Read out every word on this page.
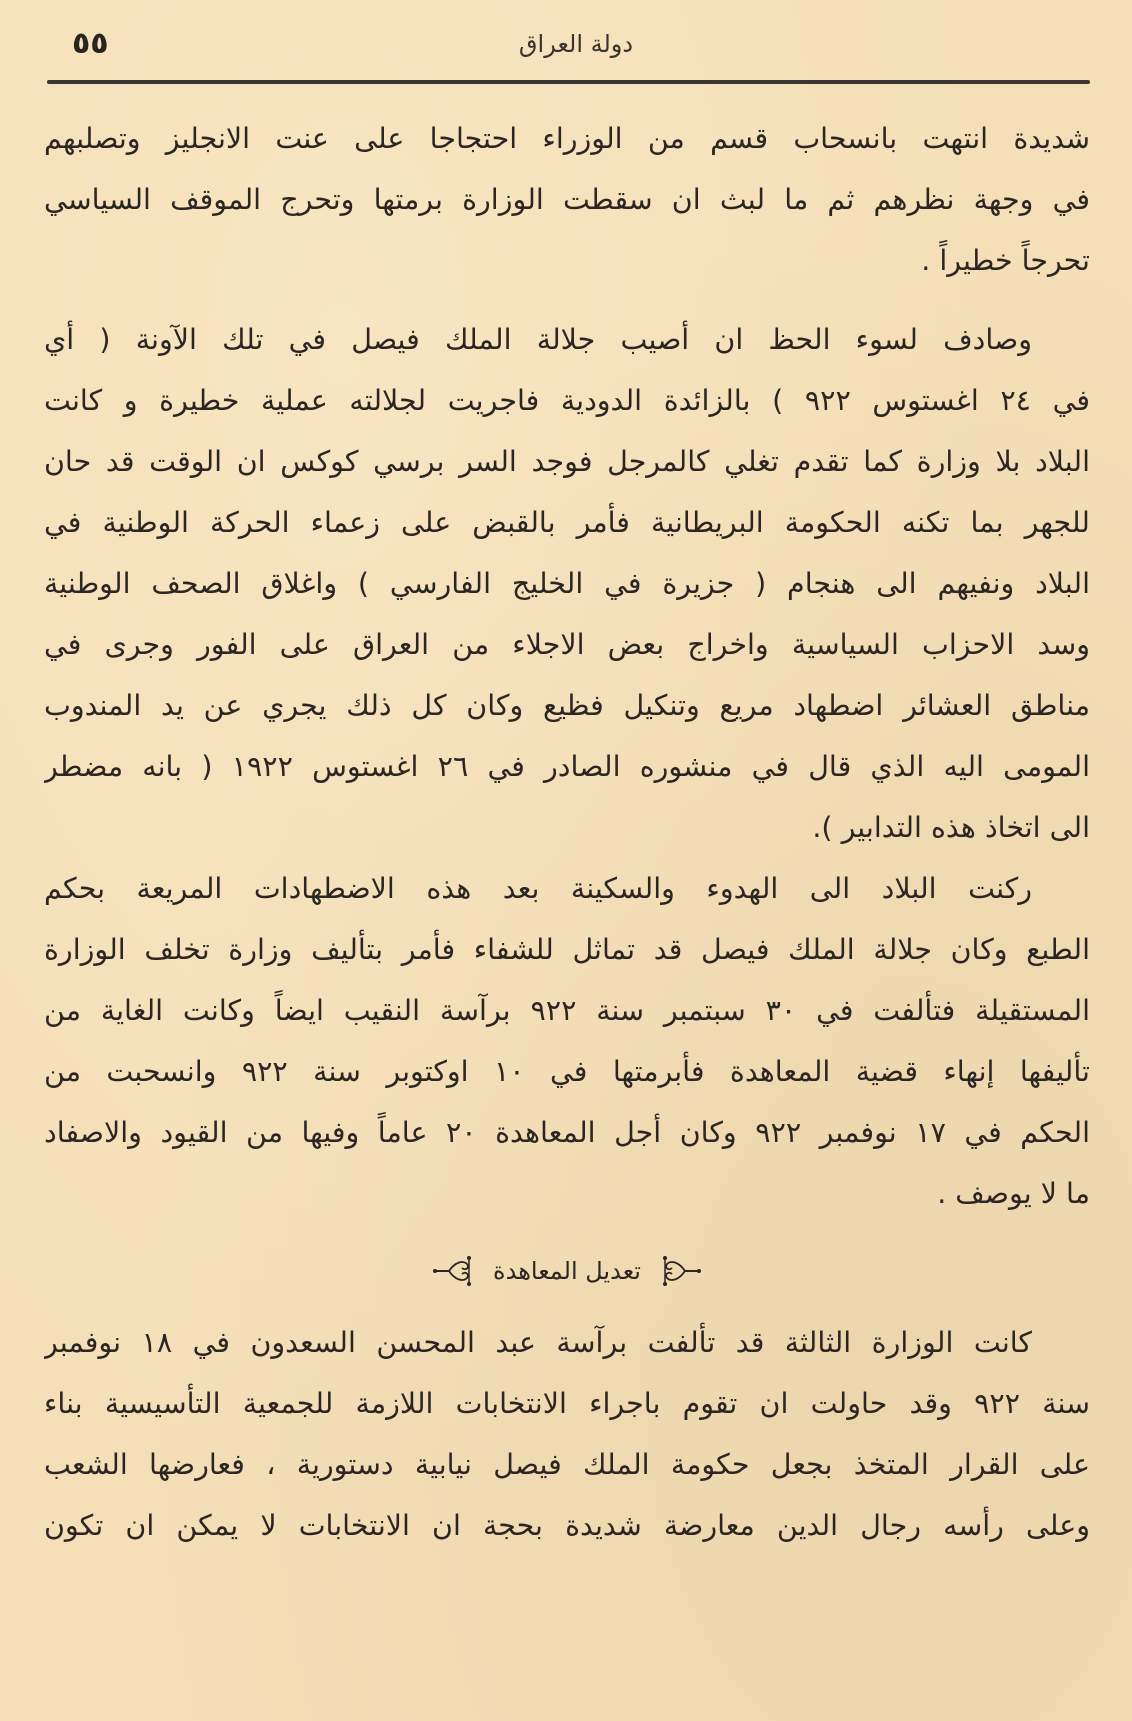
٥٥	دولة العراق
شديدة انتهت بانسحاب قسم من الوزراء احتجاجا على عنت الانجليز وتصلبهم
في وجهة نظرهم ثم ما لبث ان سقطت الوزارة برمتها وتحرج الموقف السياسي
تحرجاً خطيراً .
وصادف لسوء الحظ ان أصيب جلالة الملك فيصل في تلك الآونة ( أي
في ٢٤ اغستوس ٩٢٢ ) بالزائدة الدودية فاجريت لجلالته عملية خطيرة و كانت
البلاد بلا وزارة كما تقدم تغلي كالمرجل فوجد السر برسي كوكس ان الوقت قد حان
للجهر بما تكنه الحكومة البريطانية فأمر بالقبض على زعماء الحركة الوطنية في
البلاد ونفيهم الى هنجام ( جزيرة في الخليج الفارسي ) واغلاق الصحف الوطنية
وسد الاحزاب السياسية واخراج بعض الاجلاء من العراق على الفور وجرى في
مناطق العشائر اضطهاد مريع وتنكيل فظيع وكان كل ذلك يجري عن يد المندوب
المومى اليه الذي قال في منشوره الصادر في ٢٦ اغستوس ١٩٢٢ ( بانه مضطر
الى اتخاذ هذه التدابير ).
ركنت البلاد الى الهدوء والسكينة بعد هذه الاضطهادات المريعة بحكم
الطبع وكان جلالة الملك فيصل قد تماثل للشفاء فأمر بتأليف وزارة تخلف الوزارة
المستقيلة فتألفت في ٣٠ سبتمبر سنة ٩٢٢ برآسة النقيب ايضاً وكانت الغاية من
تأليفها إنهاء قضية المعاهدة فأبرمتها في ١٠ اوكتوبر سنة ٩٢٢ وانسحبت من
الحكم في ١٧ نوفمبر ٩٢٢ وكان أجل المعاهدة ٢٠ عاماً وفيها من القيود والاصفاد
ما لا يوصف .
تعديل المعاهدة
كانت الوزارة الثالثة قد تألفت برآسة عبد المحسن السعدون في ١٨ نوفمبر
سنة ٩٢٢ وقد حاولت ان تقوم باجراء الانتخابات اللازمة للجمعية التأسيسية بناء
على القرار المتخذ بجعل حكومة الملك فيصل نيابية دستورية ، فعارضها الشعب
وعلى رأسه رجال الدين معارضة شديدة بحجة ان الانتخابات لا يمكن ان تكون
